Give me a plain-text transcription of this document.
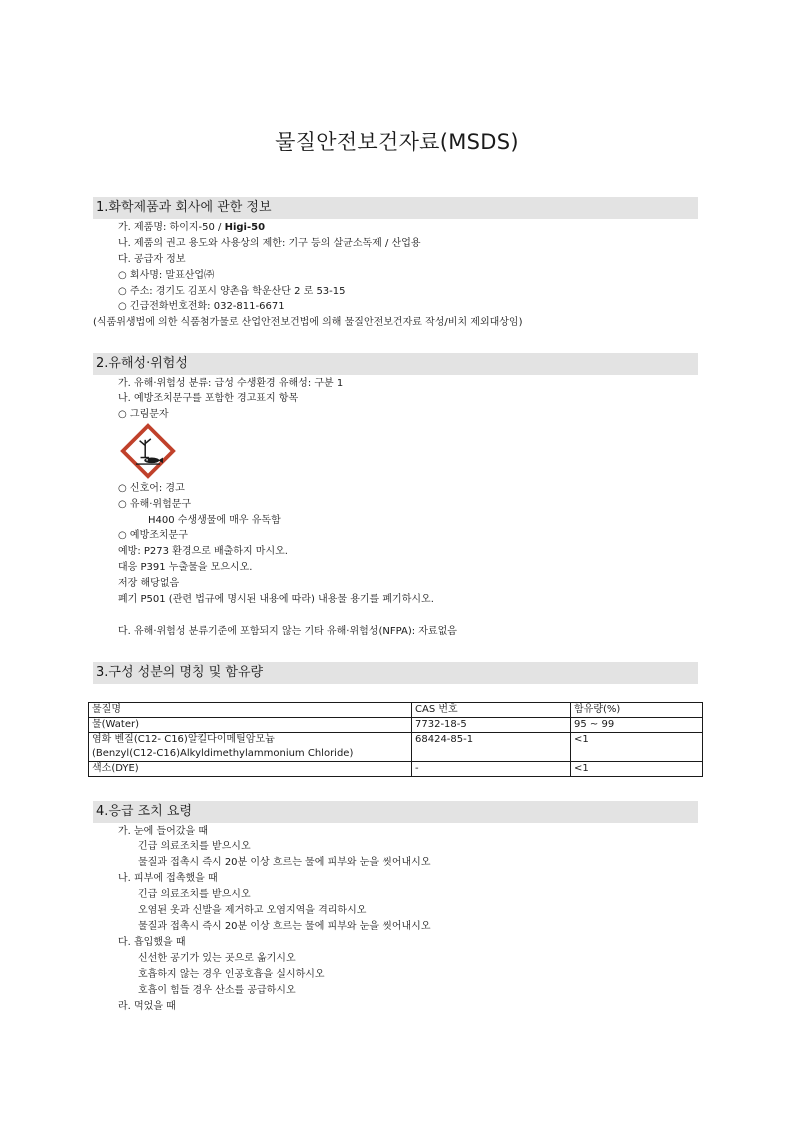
물질안전보건자료(MSDS)
1.화학제품과 회사에 관한 정보

가. 제품명: 하이지-50 / Higi-50

나. 제품의 권고 용도와 사용상의 제한: 기구 등의 살균소독제 / 산업용

다. 공급자 정보

○ 회사명: 말표산업㈜

○ 주소: 경기도 김포시 양촌읍 학운산단 2 로 53-15

○ 긴급전화번호전화: 032-811-6671

(식품위생법에 의한 식품첨가물로 산업안전보건법에 의해 물질안전보건자료 작성/비치 제외대상임)

2.유해성·위험성

가. 유해·위험성 분류: 급성 수생환경 유해성: 구분 1

나. 예방조치문구를 포함한 경고표지 항목

○ 그림문자

○ 신호어: 경고

○ 유해·위험문구

H400 수생생물에 매우 유독함

○ 예방조치문구

예방: P273 환경으로 배출하지 마시오.

대응 P391 누출물을 모으시오.

저장 해당없음

폐기 P501 (관련 법규에 명시된 내용에 따라) 내용물 용기를 폐기하시오.

다. 유해·위험성 분류기준에 포함되지 않는 기타 유해·위험성(NFPA): 자료없음

3.구성 성분의 명칭 및 함유량
물질명	CAS 번호	함유량(%)

물(Water)	7732-18-5	95 ~ 99

염화 벤질(C12- C16)알킬다이메틸암모늄
(Benzyl(C12-C16)Alkyldimethylammonium Chloride)	68424-85-1	<1

색소(DYE)	-	<1
4.응급 조치 요령

가. 눈에 들어갔을 때

긴급 의료조치를 받으시오

물질과 접촉시 즉시 20분 이상 흐르는 물에 피부와 눈을 씻어내시오

나. 피부에 접촉했을 때

긴급 의료조치를 받으시오

오염된 옷과 신발을 제거하고 오염지역을 격리하시오

물질과 접촉시 즉시 20분 이상 흐르는 물에 피부와 눈을 씻어내시오

다. 흡입했을 때

신선한 공기가 있는 곳으로 옮기시오

호흡하지 않는 경우 인공호흡을 실시하시오

호흡이 힘들 경우 산소를 공급하시오

라. 먹었을 때
